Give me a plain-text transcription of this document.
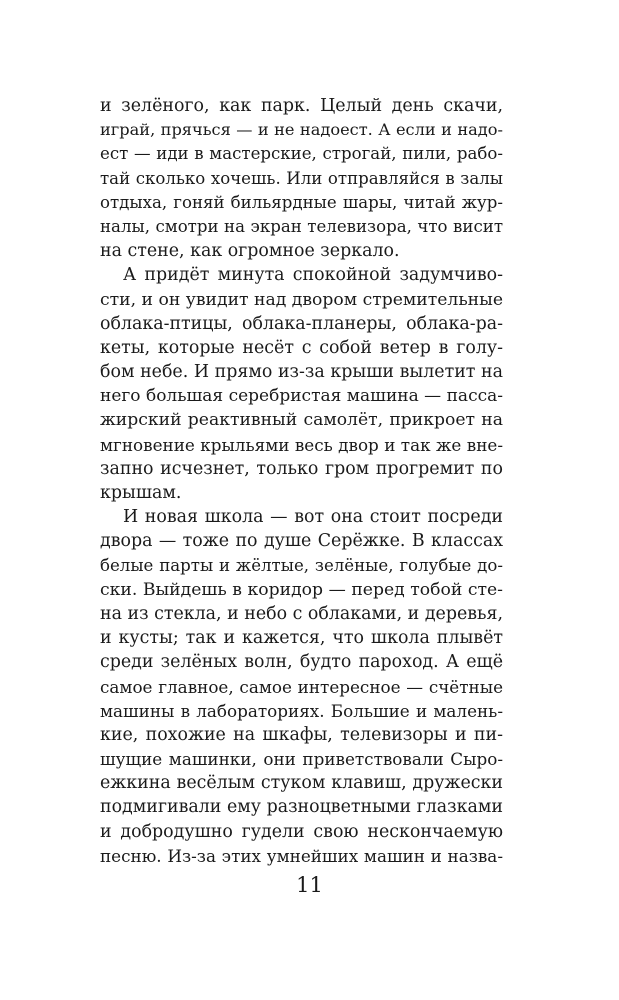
и зелёного, как парк. Целый день скачи,
играй, прячься — и не надоест. А если и надо-
ест — иди в мастерские, строгай, пили, рабо-
тай сколько хочешь. Или отправляйся в залы
отдыха, гоняй бильярдные шары, читай жур-
налы, смотри на экран телевизора, что висит
на стене, как огромное зеркало.
А придёт минута спокойной задумчиво-
сти, и он увидит над двором стремительные
облака-птицы, облака-планеры, облака-ра-
кеты, которые несёт с собой ветер в голу-
бом небе. И прямо из-за крыши вылетит на
него большая серебристая машина — пасса-
жирский реактивный самолёт, прикроет на
мгновение крыльями весь двор и так же вне-
запно исчезнет, только гром прогремит по
крышам.
И новая школа — вот она стоит посреди
двора — тоже по душе Серёжке. В классах
белые парты и жёлтые, зелёные, голубые до-
ски. Выйдешь в коридор — перед тобой сте-
на из стекла, и небо с облаками, и деревья,
и кусты; так и кажется, что школа плывёт
среди зелёных волн, будто пароход. А ещё
самое главное, самое интересное — счётные
машины в лабораториях. Большие и малень-
кие, похожие на шкафы, телевизоры и пи-
шущие машинки, они приветствовали Сыро-
ежкина весёлым стуком клавиш, дружески
подмигивали ему разноцветными глазками
и добродушно гудели свою нескончаемую
песню. Из-за этих умнейших машин и назва-
11
